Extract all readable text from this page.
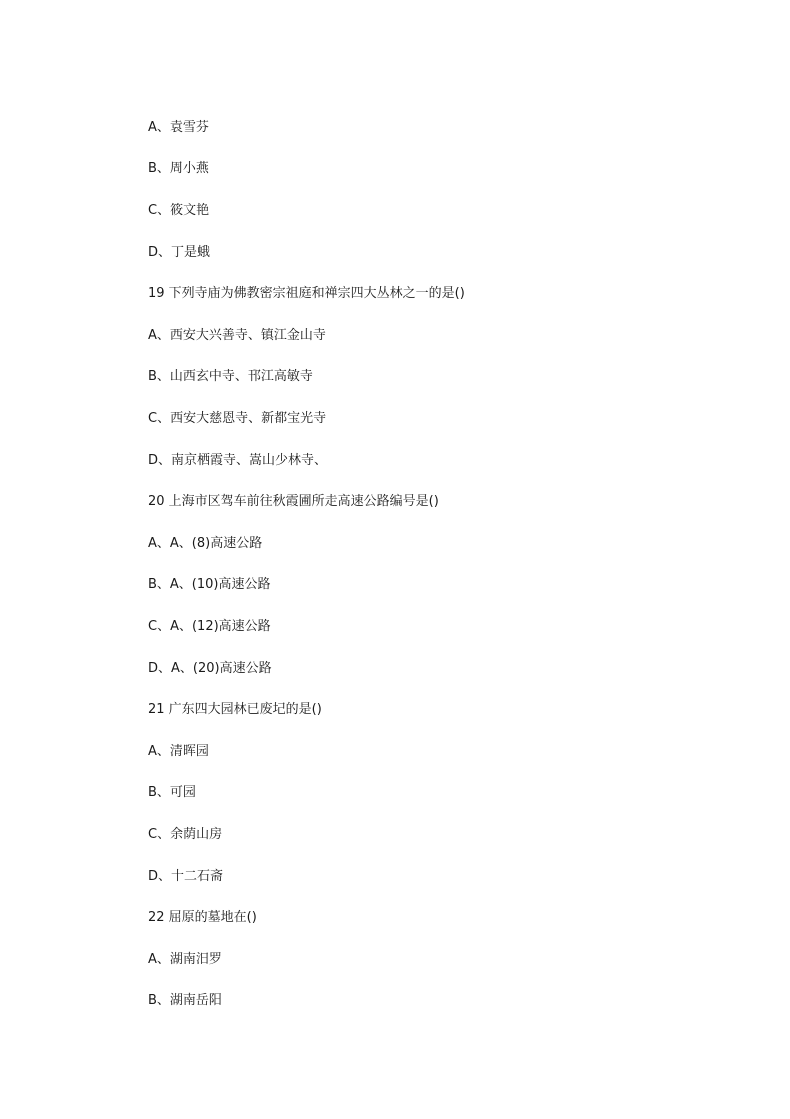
A、袁雪芬
B、周小燕
C、筱文艳
D、丁是蛾
19 下列寺庙为佛教密宗祖庭和禅宗四大丛林之一的是()
A、西安大兴善寺、镇江金山寺
B、山西玄中寺、邗江高敏寺
C、西安大慈恩寺、新都宝光寺
D、南京栖霞寺、嵩山少林寺、
20 上海市区驾车前往秋霞圃所走高速公路编号是()
A、A、(8)高速公路
B、A、(10)高速公路
C、A、(12)高速公路
D、A、(20)高速公路
21 广东四大园林已废圮的是()
A、清晖园
B、可园
C、余荫山房
D、十二石斋
22 屈原的墓地在()
A、湖南汨罗
B、湖南岳阳
